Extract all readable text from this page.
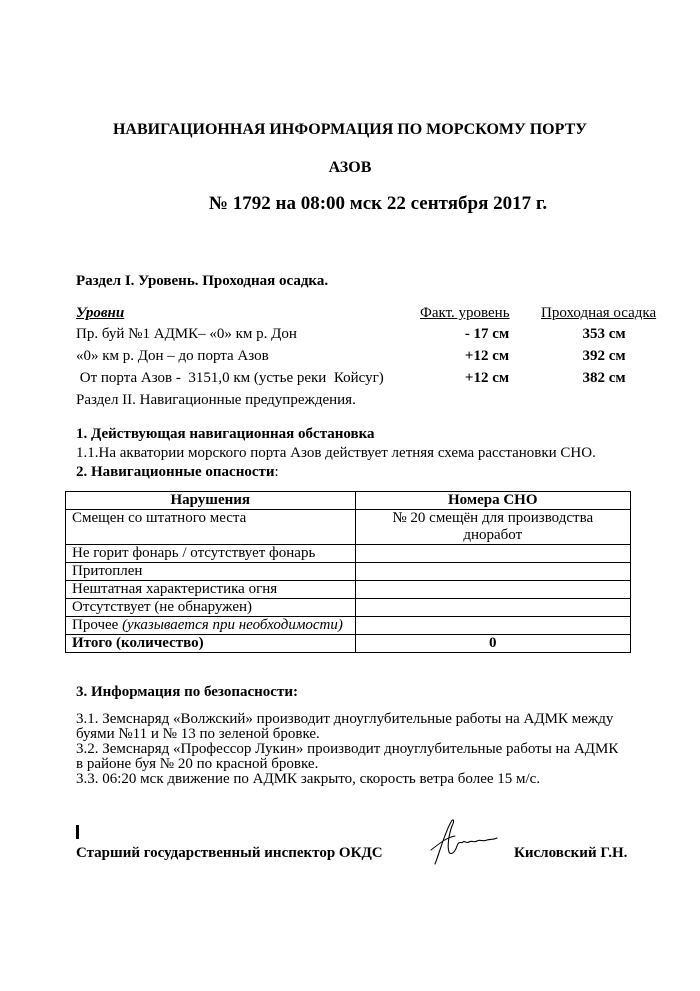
НАВИГАЦИОННАЯ ИНФОРМАЦИЯ ПО МОРСКОМУ ПОРТУ
АЗОВ
№ 1792 на 08:00 мск 22 сентября 2017 г.
Раздел I. Уровень. Проходная осадка.
Уровни	Факт. уровень Проходная осадка
Пр. буй №1 АДМК– «0» км р. Дон	- 17 см	353 см
«0» км р. Дон – до порта Азов	+12 см	392 см
От порта Азов -  3151,0 км (устье реки  Койсуг)	+12 см	382 см
Раздел II. Навигационные предупреждения.
1. Действующая навигационная обстановка
1.1.На акватории морского порта Азов действует летняя схема расстановки СНО.
2. Навигационные опасности:
Нарушения	Номера СНО
Смещен со штатного места	№ 20 смещён для производства дноработ
Не горит фонарь / отсутствует фонарь	
Притоплен	
Нештатная характеристика огня	
Отсутствует (не обнаружен)	
Прочее (указывается при необходимости)	
Итого (количество)	0
3. Информация по безопасности:
3.1. Земснаряд «Волжский» производит дноуглубительные работы на АДМК между
буями №11 и № 13 по зеленой бровке.
3.2. Земснаряд «Профессор Лукин» производит дноуглубительные работы на АДМК
в районе буя № 20 по красной бровке.
3.3. 06:20 мск движение по АДМК закрыто, скорость ветра более 15 м/с.
Старший государственный инспектор ОКДС	Кисловский Г.Н.
